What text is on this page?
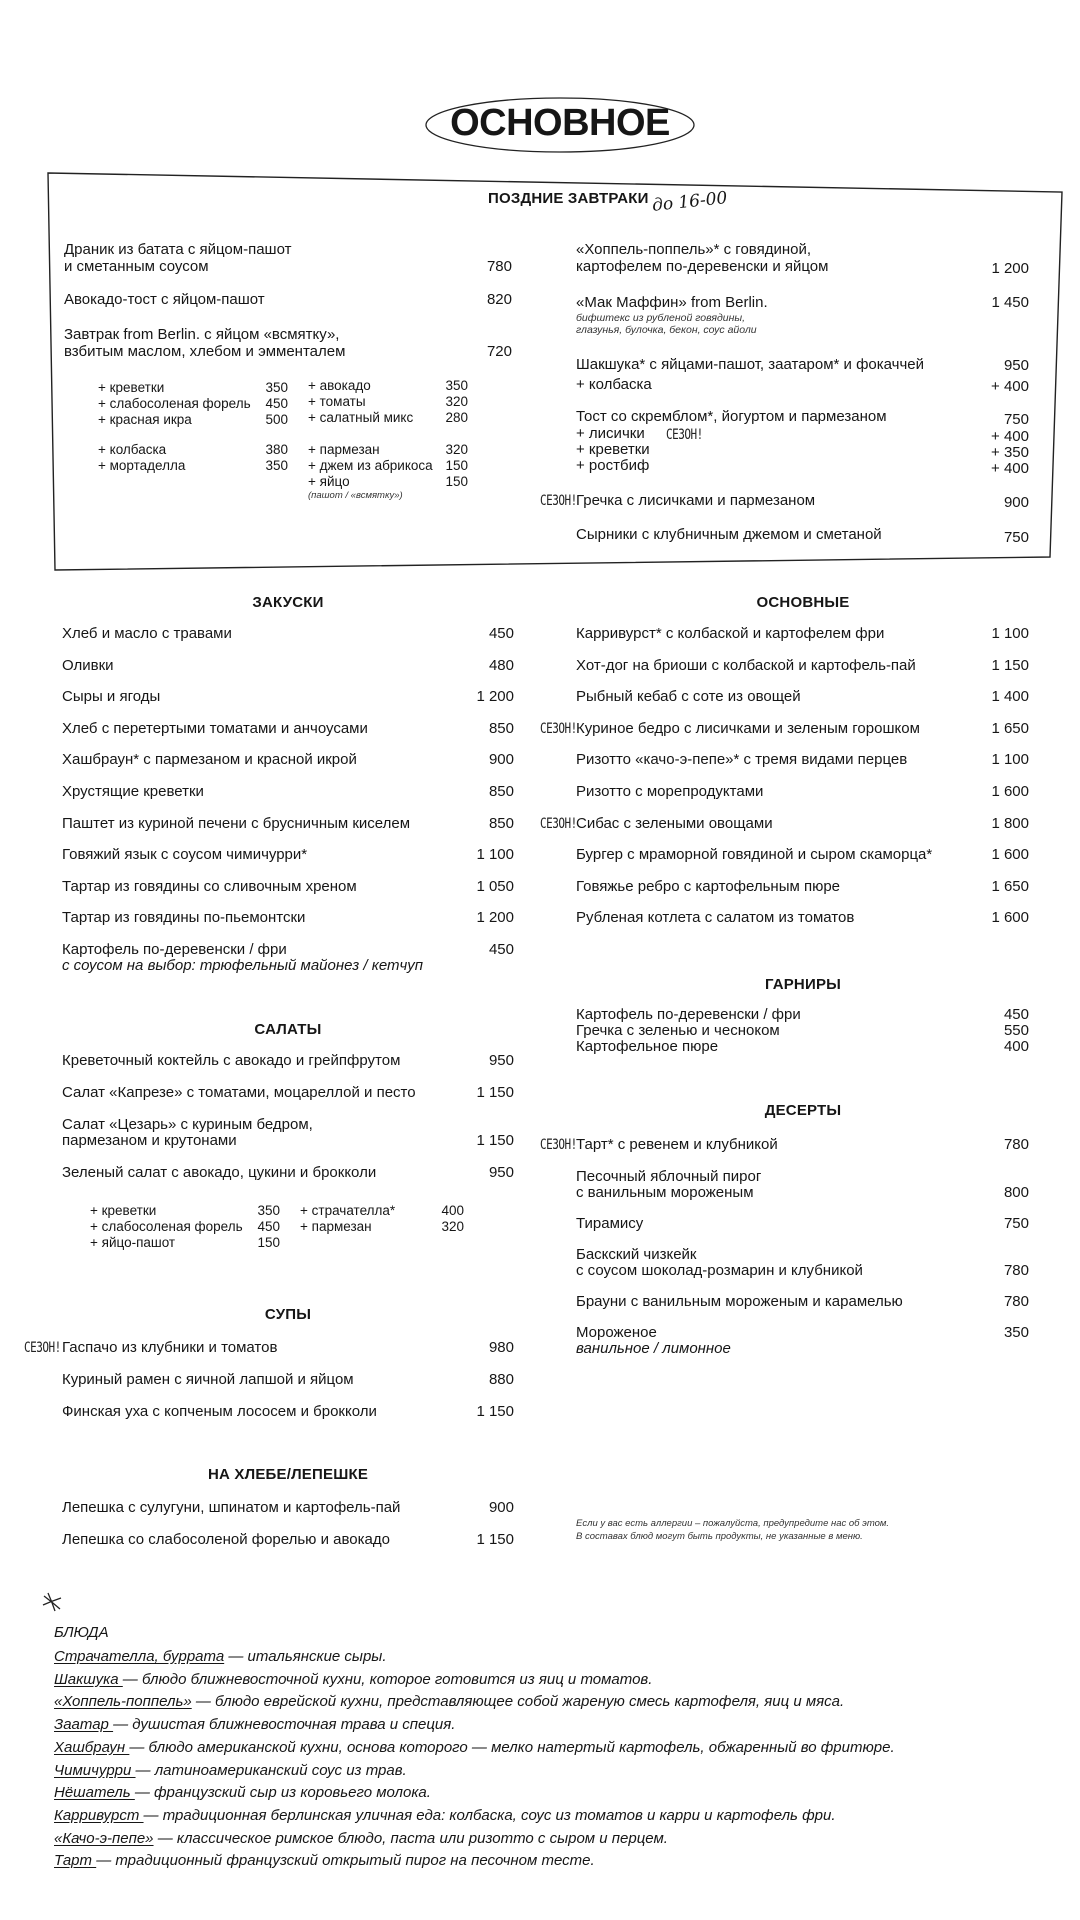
ОСНОВНОЕ
ПОЗДНИЕ ЗАВТРАКИ до 16-00
Драник из батата с яйцом-пашот
и сметанным соусом	780
Авокадо-тост с яйцом-пашот	820
Завтрак from Berlin. с яйцом «всмятку»,
взбитым маслом, хлебом и эмменталем	720
+ креветки	350
+ слабосоленая форель 450
+ красная икра	500
+ колбаска	380
+ мортаделла	350
+ авокадо	350
+ томаты	320
+ салатный микс 280
+ пармезан	320
+ джем из абрикоса 150
+ яйцо	150
(пашот / «всмятку»)
«Хоппель-поппель»* с говядиной,
картофелем по-деревенски и яйцом	1 200
«Мак Маффин» from Berlin.
бифштекс из рубленой говядины,
глазунья, булочка, бекон, соус айоли
1 450
Шакшука* с яйцами-пашот, заатаром* и фокаччей	950
+ колбаска	+ 400
Тост со скремблом*, йогуртом и пармезаном	750
+ лисички СЕЗОН!	+ 400
+ креветки	+ 350
+ ростбиф	+ 400
СЕЗОН! Гречка с лисичками и пармезаном	900
Сырники с клубничным джемом и сметаной	750
ЗАКУСКИ
Хлеб и масло с травами	450
Оливки	480
Сыры и ягоды	1 200
Хлеб с перетертыми томатами и анчоусами	850
Хашбраун* с пармезаном и красной икрой	900
Хрустящие креветки	850
Паштет из куриной печени с брусничным киселем	850
Говяжий язык с соусом чимичурри*	1 100
Тартар из говядины со сливочным хреном	1 050
Тартар из говядины по-пьемонтски	1 200
Картофель по-деревенски / фри	450
с соусом на выбор: трюфельный майонез / кетчуп
САЛАТЫ
Креветочный коктейль с авокадо и грейпфрутом	950
Салат «Капрезе» с томатами, моцареллой и песто	1 150
Салат «Цезарь» с куриным бедром,
пармезаном и крутонами	1 150
Зеленый салат с авокадо, цукини и брокколи	950
+ креветки	350
+ слабосоленая форель 450
+ яйцо-пашот	150
+ страчателла*	400
+ пармезан	320
СУПЫ
СЕЗОН! Гаспачо из клубники и томатов	980
Куриный рамен с яичной лапшой и яйцом	880
Финская уха с копченым лососем и брокколи	1 150
НА ХЛЕБЕ/ЛЕПЕШКЕ
Лепешка с сулугуни, шпинатом и картофель-пай	900
Лепешка со слабосоленой форелью и авокадо	1 150
ОСНОВНЫЕ
Карривурст* с колбаской и картофелем фри	1 100
Хот-дог на бриоши с колбаской и картофель-пай	1 150
Рыбный кебаб с соте из овощей	1 400
Куриное бедро с лисичками и зеленым горошком	1 650
СЕЗОН!
Ризотто «качо-э-пепе»* с тремя видами перцев	1 100
Ризотто с морепродуктами	1 600
Сибас с зелеными овощами	1 800
СЕЗОН!
Бургер с мраморной говядиной и сыром скаморца*	1 600
Говяжье ребро с картофельным пюре	1 650
Рубленая котлета с салатом из томатов	1 600
ГАРНИРЫ
Картофель по-деревенски / фри	450
Гречка с зеленью и чесноком	550
Картофельное пюре	400
ДЕСЕРТЫ
СЕЗОН! Тарт* с ревенем и клубникой	780
Песочный яблочный пирог
с ванильным мороженым	800
Тирамису	750
Баскский чизкейк
с соусом шоколад-розмарин и клубникой	780
Брауни с ванильным мороженым и карамелью	780
Мороженое	350
ванильное / лимонное
Если у вас есть аллергии – пожалуйста, предупредите нас об этом.
В составах блюд могут быть продукты, не указанные в меню.
БЛЮДА
Страчателла, буррата — итальянские сыры.
Шакшука — блюдо ближневосточной кухни, которое готовится из яиц и томатов.
«Хоппель-поппель» — блюдо еврейской кухни, представляющее собой жареную смесь картофеля, яиц и мяса.
Заатар — душистая ближневосточная трава и специя.
Хашбраун — блюдо американской кухни, основа которого — мелко натертый картофель, обжаренный во фритюре.
Чимичурри — латиноамериканский соус из трав.
Нёшатель — французский сыр из коровьего молока.
Карривурст — традиционная берлинская уличная еда: колбаска, соус из томатов и карри и картофель фри.
«Качо-э-пепе» — классическое римское блюдо, паста или ризотто с сыром и перцем.
Тарт — традиционный французский открытый пирог на песочном тесте.
